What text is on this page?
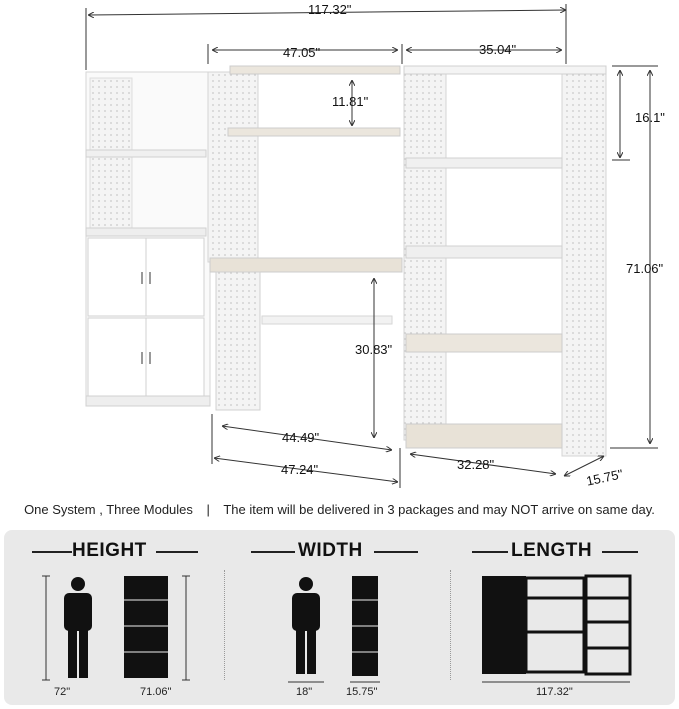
117.32"
47.05"	35.04"
11.81"
16.1"
71.06"
30.83"
44.49"
47.24"	32.28"
15.75"
One System , Three Modules | The item will be delivered in 3 packages and may NOT arrive on same day.
HEIGHT
72"	71.06"
WIDTH
18"	15.75"
LENGTH
117.32"
